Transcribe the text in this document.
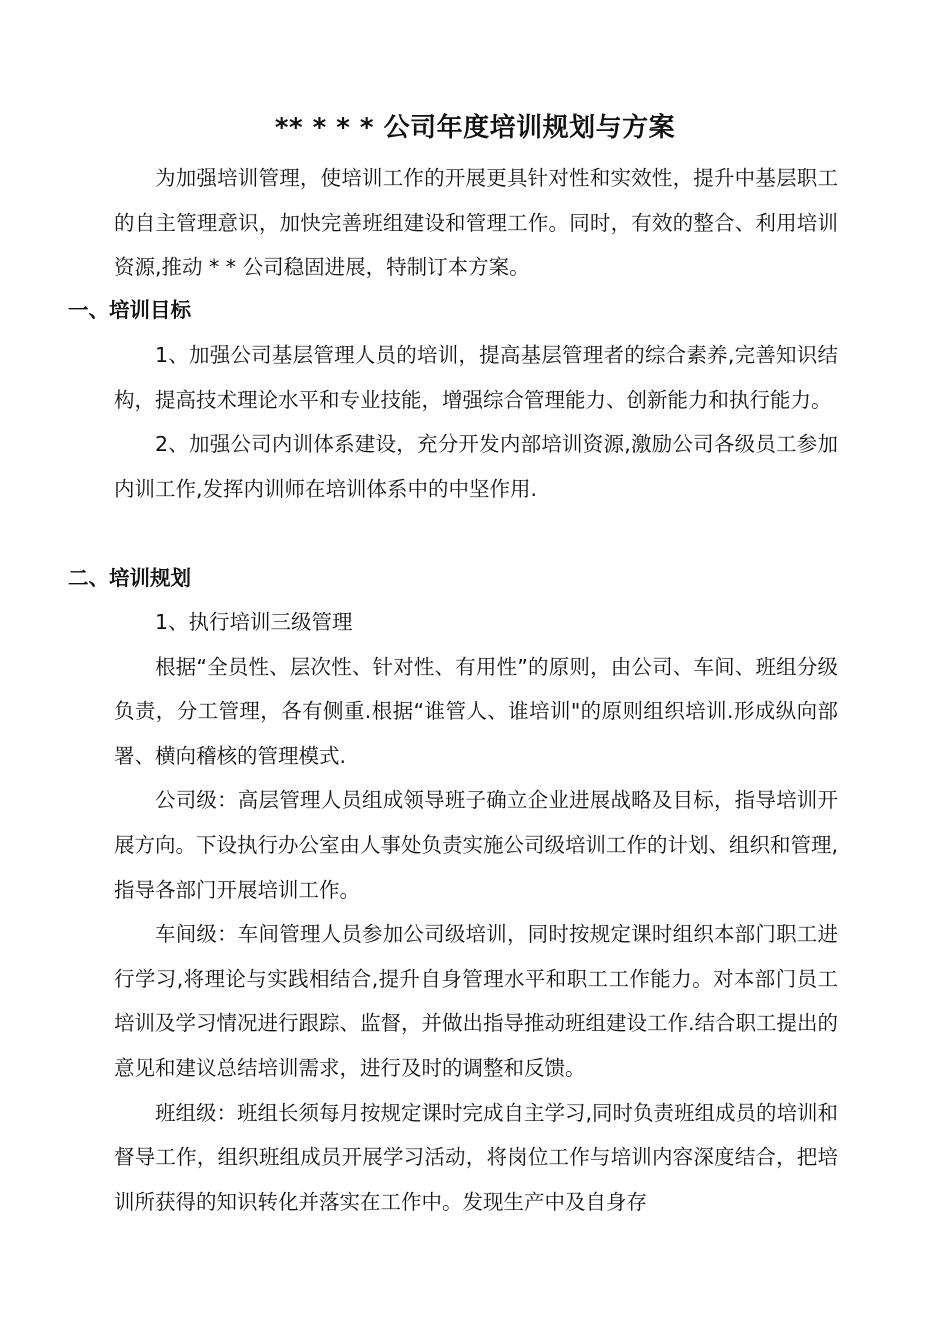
** * * * 公司年度培训规划与方案

为加强培训管理，使培训工作的开展更具针对性和实效性，提升中基层职工的自主管理意识，加快完善班组建设和管理工作。同时，有效的整合、利用培训资源,推动 * * 公司稳固进展，特制订本方案。

一、培训目标

1、加强公司基层管理人员的培训，提高基层管理者的综合素养,完善知识结构，提高技术理论水平和专业技能，增强综合管理能力、创新能力和执行能力。

2、加强公司内训体系建设，充分开发内部培训资源,激励公司各级员工参加内训工作,发挥内训师在培训体系中的中坚作用.

二、培训规划

1、执行培训三级管理

根据“全员性、层次性、针对性、有用性”的原则，由公司、车间、班组分级负责，分工管理，各有侧重.根据“谁管人、谁培训"的原则组织培训.形成纵向部署、横向稽核的管理模式.

公司级：高层管理人员组成领导班子确立企业进展战略及目标，指导培训开展方向。下设执行办公室由人事处负责实施公司级培训工作的计划、组织和管理,指导各部门开展培训工作。

车间级：车间管理人员参加公司级培训，同时按规定课时组织本部门职工进行学习,将理论与实践相结合,提升自身管理水平和职工工作能力。对本部门员工培训及学习情况进行跟踪、监督，并做出指导推动班组建设工作.结合职工提出的意见和建议总结培训需求，进行及时的调整和反馈。

班组级：班组长须每月按规定课时完成自主学习,同时负责班组成员的培训和督导工作，组织班组成员开展学习活动，将岗位工作与培训内容深度结合，把培训所获得的知识转化并落实在工作中。发现生产中及自身存
